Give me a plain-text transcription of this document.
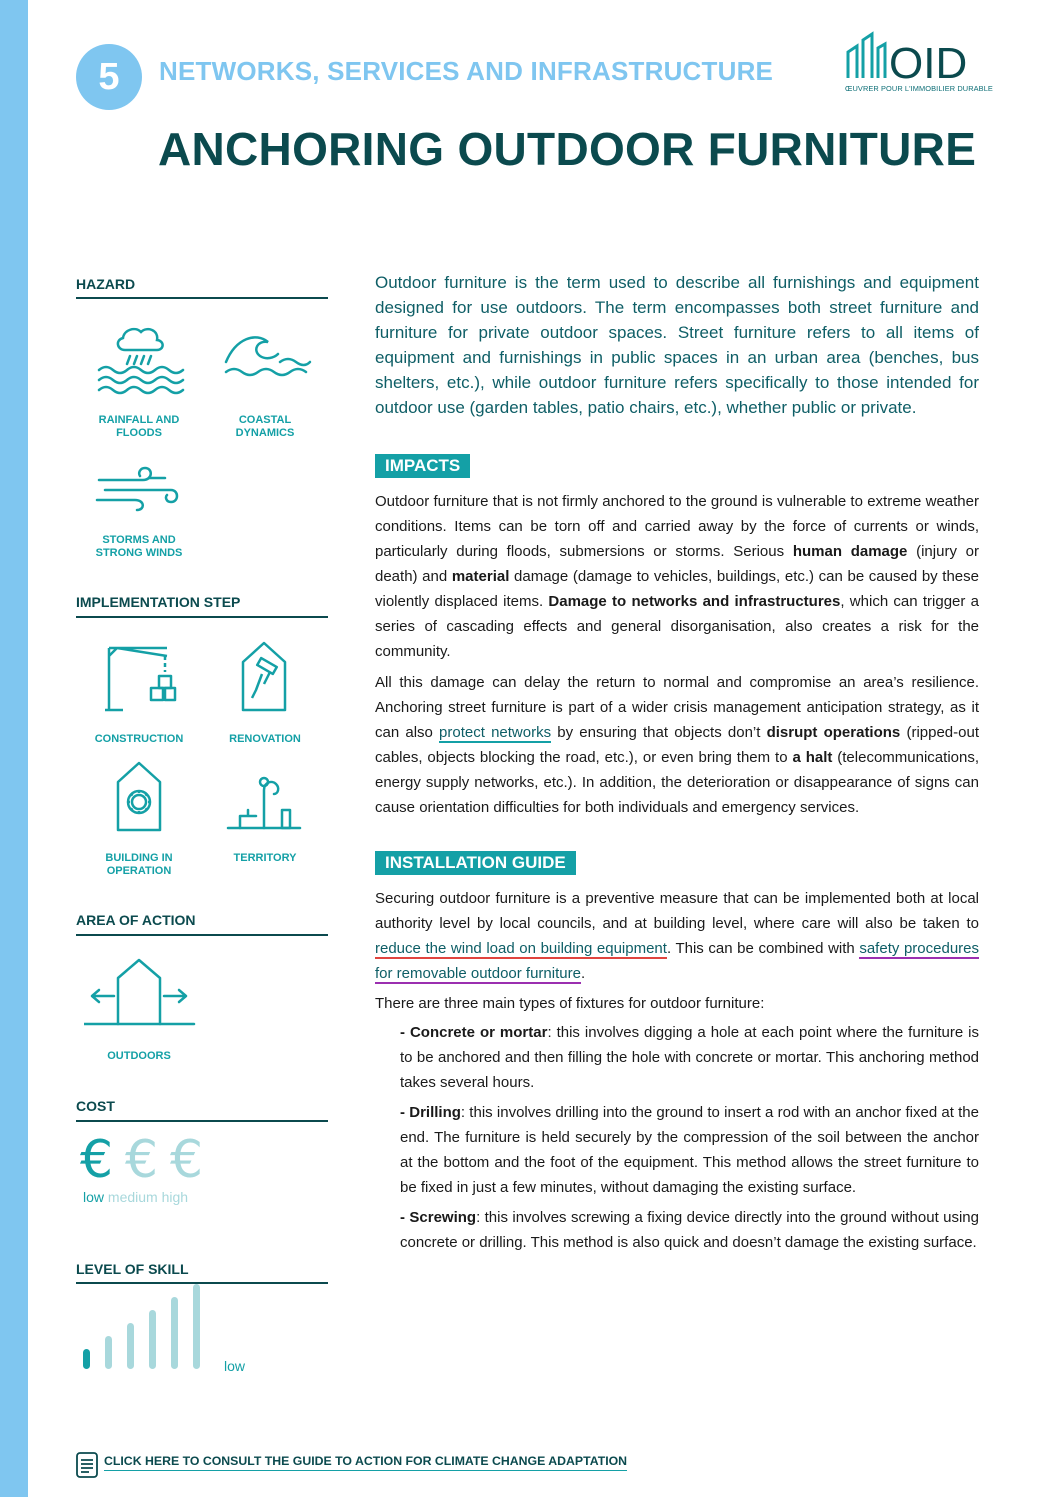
5	NETWORKS, SERVICES AND INFRASTRUCTURE	OID
ŒUVRER POUR L'IMMOBILIER DURABLE
ANCHORING OUTDOOR FURNITURE
HAZARD
RAINFALL AND
FLOODS
COASTAL
DYNAMICS
STORMS AND
STRONG WINDS
IMPLEMENTATION STEP
CONSTRUCTION	RENOVATION
BUILDING IN
OPERATION
TERRITORY
AREA OF ACTION
OUTDOORS
COST
€ € €
low medium high
LEVEL OF SKILL
low
Outdoor furniture is the term used to describe all furnishings and equipment designed for use outdoors. The term encompasses both street furniture and furniture for private outdoor spaces. Street furniture refers to all items of equipment and furnishings in public spaces in an urban area (benches, bus shelters, etc.), while outdoor furniture refers specifically to those intended for outdoor use (garden tables, patio chairs, etc.), whether public or private.
IMPACTS

Outdoor furniture that is not firmly anchored to the ground is vulnerable to extreme weather conditions. Items can be torn off and carried away by the force of currents or winds, particularly during floods, submersions or storms. Serious human damage (injury or death) and material damage (damage to vehicles, buildings, etc.) can be caused by these violently displaced items. Damage to networks and infrastructures, which can trigger a series of cascading effects and general disorganisation, also creates a risk for the community.

All this damage can delay the return to normal and compromise an area’s resilience. Anchoring street furniture is part of a wider crisis management anticipation strategy, as it can also protect networks by ensuring that objects don’t disrupt operations (ripped-out cables, objects blocking the road, etc.), or even bring them to a halt (telecommunications, energy supply networks, etc.). In addition, the deterioration or disappearance of signs can cause orientation difficulties for both individuals and emergency services.

INSTALLATION GUIDE

Securing outdoor furniture is a preventive measure that can be implemented both at local authority level by local councils, and at building level, where care will also be taken to reduce the wind load on building equipment. This can be combined with safety procedures for removable outdoor furniture.

There are three main types of fixtures for outdoor furniture:

- Concrete or mortar: this involves digging a hole at each point where the furniture is to be anchored and then filling the hole with concrete or mortar. This anchoring method takes several hours.
- Drilling: this involves drilling into the ground to insert a rod with an anchor fixed at the end. The furniture is held securely by the compression of the soil between the anchor at the bottom and the foot of the equipment. This method allows the street furniture to be fixed in just a few minutes, without damaging the existing surface.
- Screwing: this involves screwing a fixing device directly into the ground without using concrete or drilling. This method is also quick and doesn’t damage the existing surface.
CLICK HERE TO CONSULT THE GUIDE TO ACTION FOR CLIMATE CHANGE ADAPTATION
